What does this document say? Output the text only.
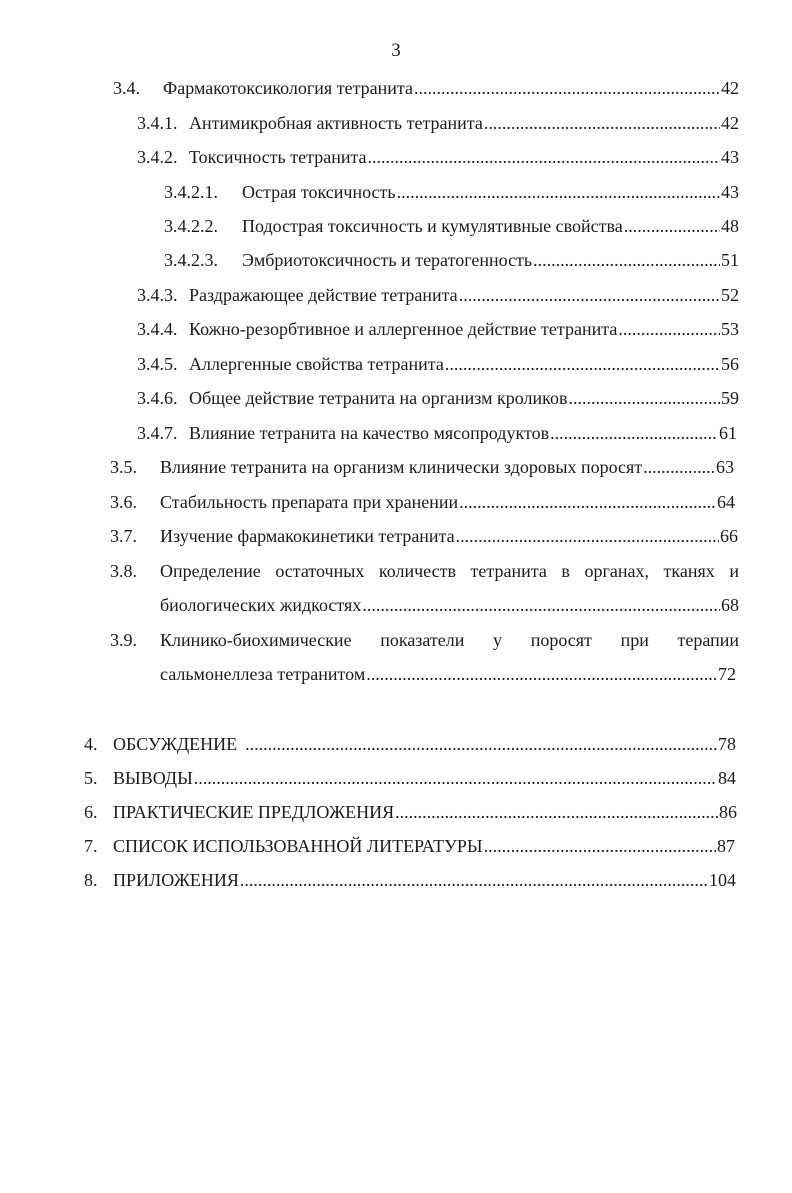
3
3.4.	Фармакотоксикология тетранита .....	42
3.4.1. Антимикробная активность тетранита .....	42
3.4.2. Токсичность тетранита .....	43
3.4.2.1.	Острая токсичность .....	43
3.4.2.2.	Подострая токсичность и кумулятивные свойства .....	48
3.4.2.3.	Эмбриотоксичность и тератогенность .....	51
3.4.3. Раздражающее действие тетранита .....	52
3.4.4. Кожно-резорбтивное и аллергенное действие тетранита .....	53
3.4.5. Аллергенные свойства тетранита .....	56
3.4.6. Общее действие тетранита на организм кроликов .....	59
3.4.7. Влияние тетранита на качество мясопродуктов .....	61
3.5.	Влияние тетранита на организм клинически здоровых поросят .....	63
3.6.	Стабильность препарата при хранении .....	64
3.7.	Изучение фармакокинетики тетранита .....	66
3.8. Определение остаточных количеств тетранита в органах, тканях и
биологических жидкостях .....	68
3.9. Клинико-биохимические показатели у поросят при терапии
сальмонеллеза тетранитом .....	72
4. ОБСУЖДЕНИЕ .....	78
5. ВЫВОДЫ .....	84
6. ПРАКТИЧЕСКИЕ ПРЕДЛОЖЕНИЯ .....	86
7. СПИСОК ИСПОЛЬЗОВАННОЙ ЛИТЕРАТУРЫ .....	87
8. ПРИЛОЖЕНИЯ .....	104
